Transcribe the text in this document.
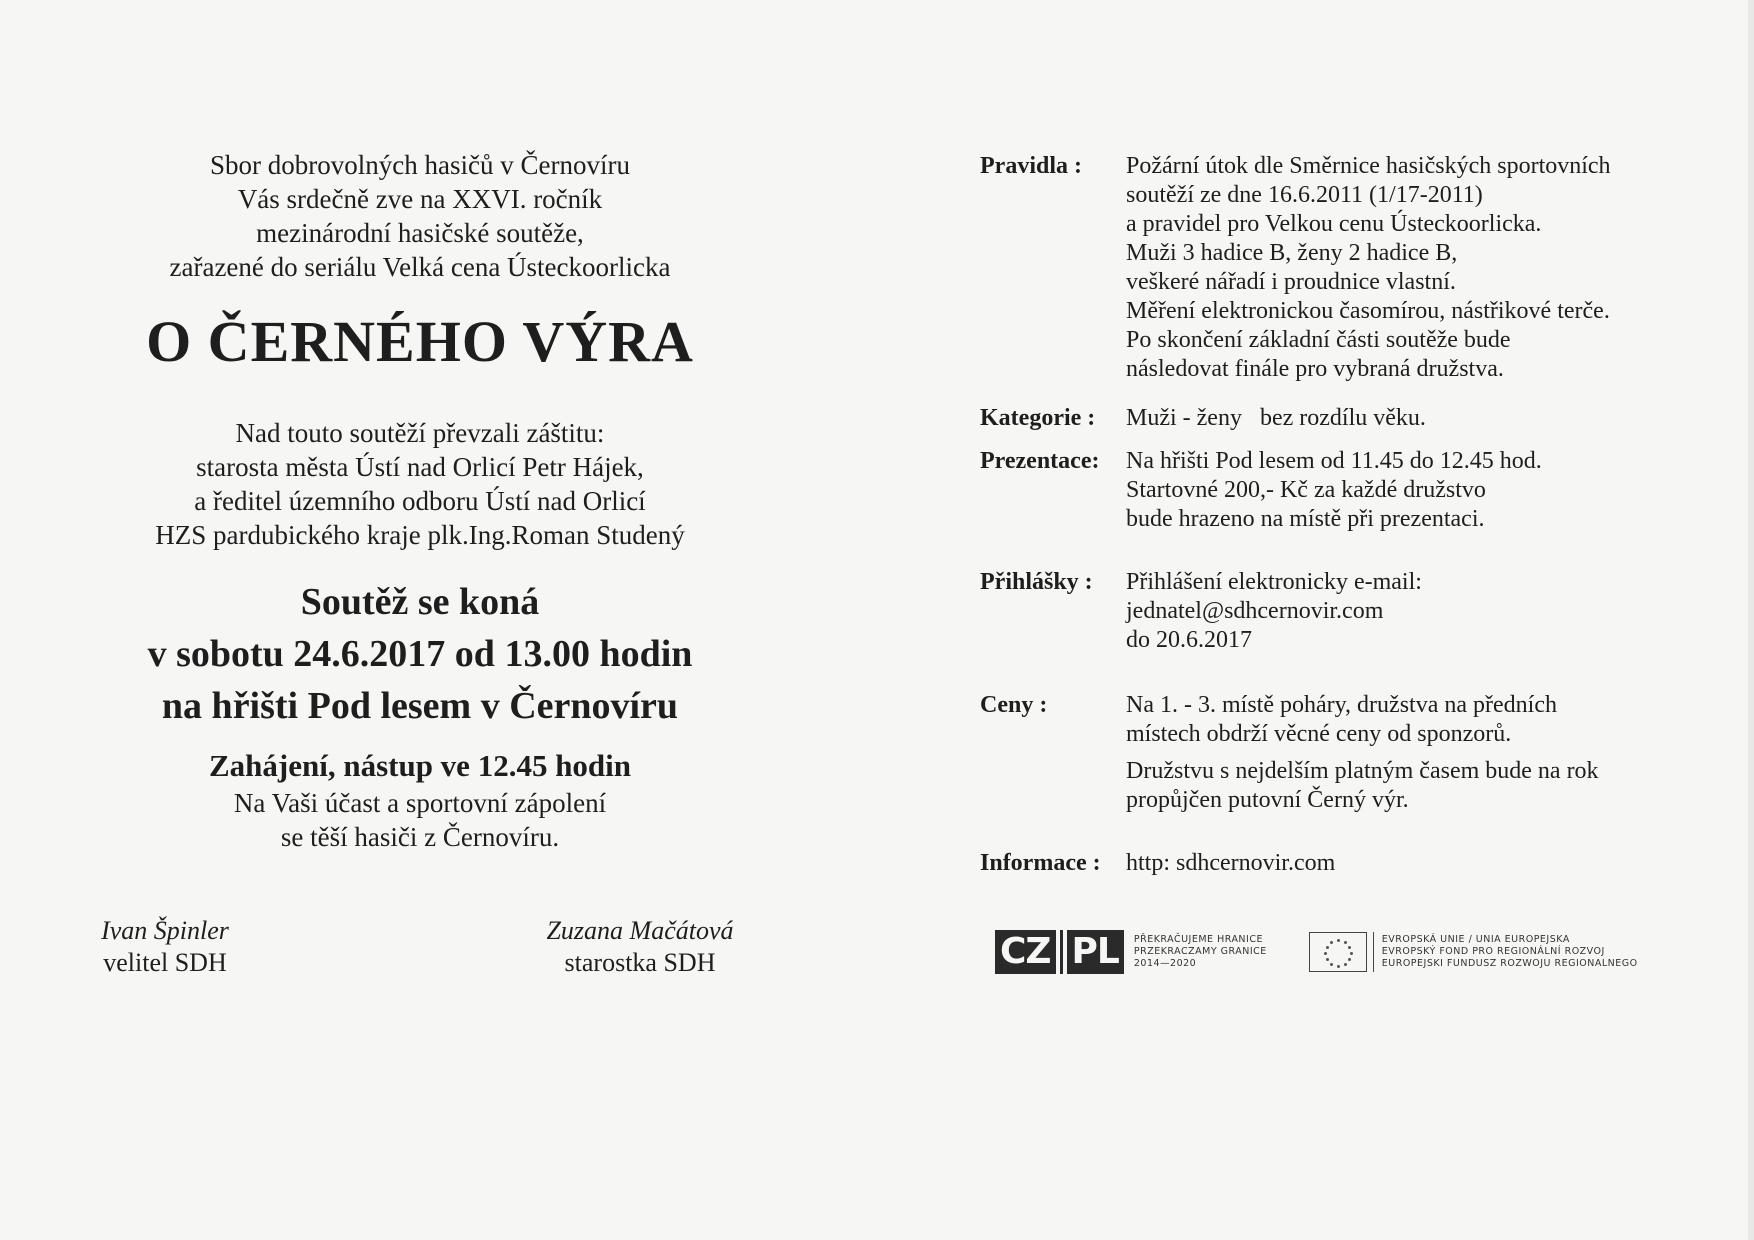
Sbor dobrovolných hasičů v Černovíru
Vás srdečně zve na XXVI. ročník
mezinárodní hasičské soutěže,
zařazené do seriálu Velká cena Ústeckoorlicka
O ČERNÉHO VÝRA
Nad touto soutěží převzali záštitu:
starosta města Ústí nad Orlicí Petr Hájek,
a ředitel územního odboru Ústí nad Orlicí
HZS pardubického kraje plk.Ing.Roman Studený
Soutěž se koná
v sobotu 24.6.2017 od 13.00 hodin
na hřišti Pod lesem v Černovíru
Zahájení, nástup ve 12.45 hodin
Na Vaši účast a sportovní zápolení
se těší hasiči z Černovíru.
Ivan Špinler
velitel SDH
Zuzana Mačátová
starostka SDH
Pravidla :	Požární útok dle Směrnice hasičských sportovních
soutěží ze dne 16.6.2011 (1/17-2011)
a pravidel pro Velkou cenu Ústeckoorlicka.
Muži 3 hadice B, ženy 2 hadice B,
veškeré nářadí i proudnice vlastní.
Měření elektronickou časomírou, nástřikové terče.
Po skončení základní části soutěže bude
následovat finále pro vybraná družstva.
Kategorie :	Muži - ženy   bez rozdílu věku.
Prezentace:	Na hřišti Pod lesem od 11.45 do 12.45 hod.
Startovné 200,- Kč za každé družstvo
bude hrazeno na místě při prezentaci.
Přihlášky :	Přihlášení elektronicky e-mail:
jednatel@sdhcernovir.com
do 20.6.2017
Ceny :	Na 1. - 3. místě poháry, družstva na předních
místech obdrží věcné ceny od sponzorů.
Družstvu s nejdelším platným časem bude na rok
propůjčen putovní Černý výr.
Informace :	http: sdhcernovir.com
CZ PL	PŘEKRAČUJEME HRANICE
PRZEKRACZAMY GRANICE
2014—2020
EVROPSKÁ UNIE / UNIA EUROPEJSKA
EVROPSKÝ FOND PRO REGIONÁLNÍ ROZVOJ
EUROPEJSKI FUNDUSZ ROZWOJU REGIONALNEGO
